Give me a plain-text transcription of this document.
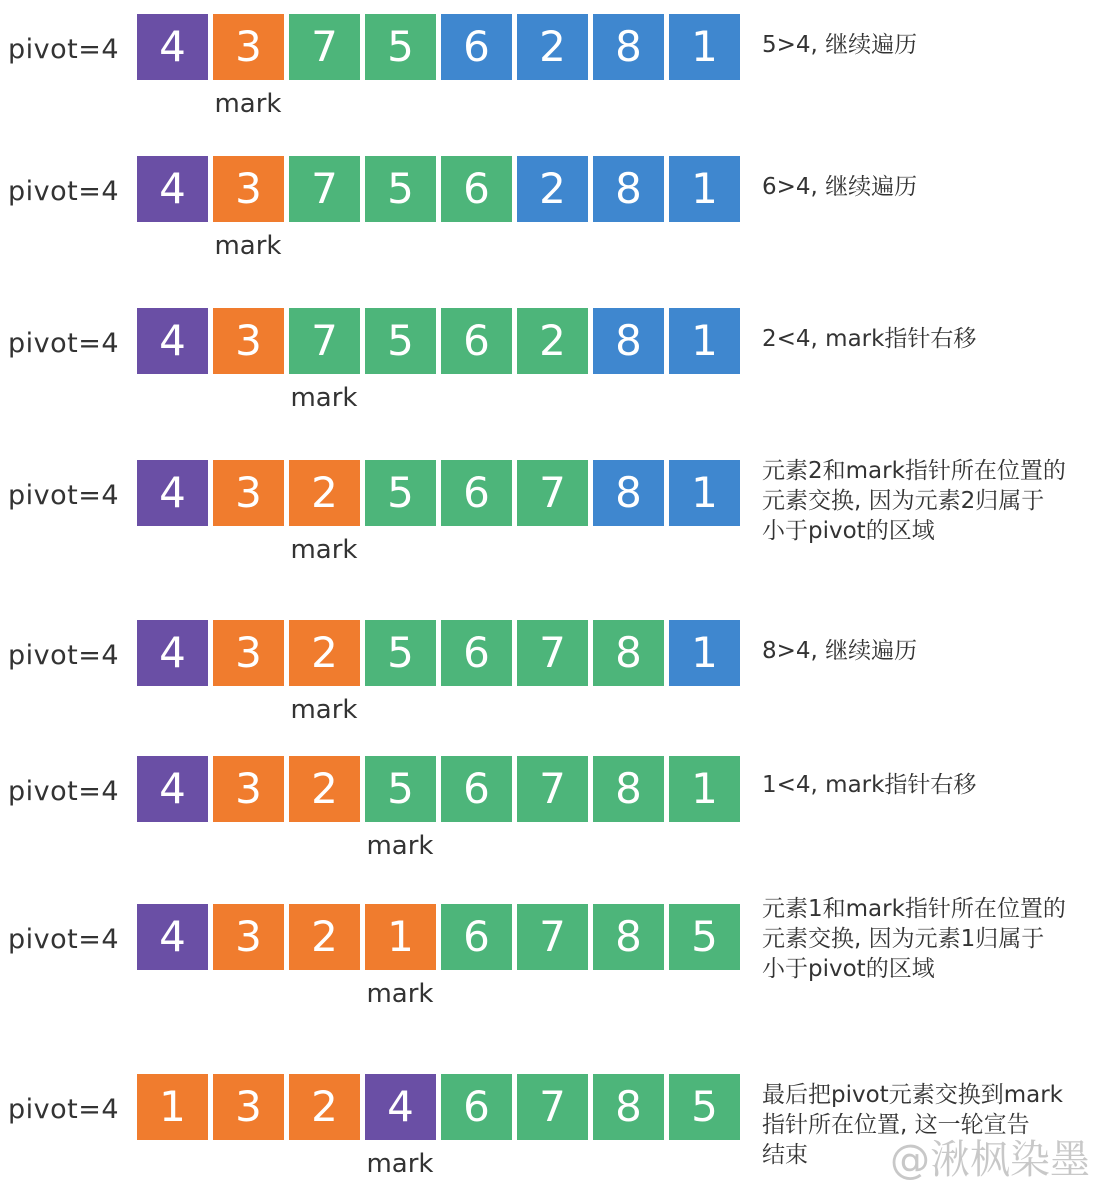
pivot=4 4	3	7	5	6	2	8	1
mark
5>4, 继续遍历
pivot=4 4	3	7	5	6	2	8	1
mark
6>4, 继续遍历
pivot=4 4	3	7	5	6	2	8	1
mark
2<4, mark指针右移
pivot=4 4	3	2	5	6	7	8	1
mark
元素2和mark指针所在位置的
元素交换, 因为元素2归属于
小于pivot的区域
pivot=4 4	3	2	5	6	7	8	1
mark
8>4, 继续遍历
pivot=4 4	3	2	5	6	7	8	1
mark
1<4, mark指针右移
pivot=4 4	3	2	1	6	7	8	5
mark
元素1和mark指针所在位置的
元素交换, 因为元素1归属于
小于pivot的区域
pivot=4 1	3	2	4	6	7	8	5
mark
最后把pivot元素交换到mark
指针所在位置, 这一轮宣告
结束	@湫枫染墨
